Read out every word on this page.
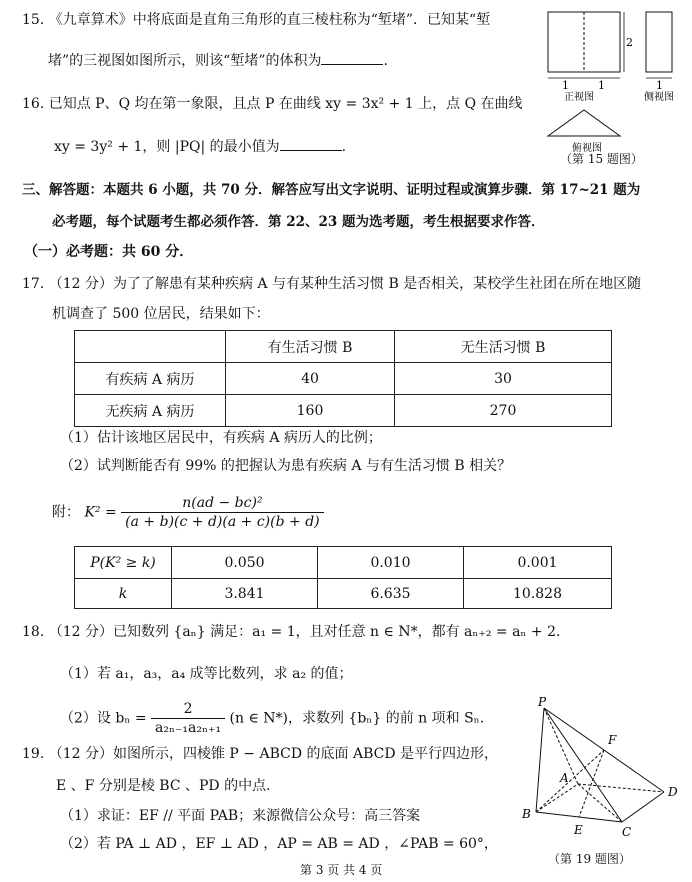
15. 《九章算术》中将底面是直角三角形的直三棱柱称为“堑堵”．已知某“堑
堵”的三视图如图所示，则该“堑堵”的体积为	.
2
1	1
正视图
1
侧视图
俯视图
（第 15 题图）
16. 已知点 P、Q 均在第一象限，且点 P 在曲线 xy = 3x² + 1 上，点 Q 在曲线
xy = 3y² + 1，则 |PQ| 的最小值为	.
三、解答题：本题共 6 小题，共 70 分．解答应写出文字说明、证明过程或演算步骤．第 17~21 题为
必考题，每个试题考生都必须作答．第 22、23 题为选考题，考生根据要求作答．
（一）必考题：共 60 分．
17. （12 分）为了了解患有某种疾病 A 与有某种生活习惯 B 是否相关，某校学生社团在所在地区随
机调查了 500 位居民，结果如下：
	有生活习惯 B	无生活习惯 B
有疾病 A 病历	40	30
无疾病 A 病历	160	270
（1）估计该地区居民中，有疾病 A 病历人的比例；
（2）试判断能否有 99% 的把握认为患有疾病 A 与有生活习惯 B 相关？
附： $K^2 = \frac{\text{n(ad − bc)²}}{(a + b)(c + d)(a + c)(b + d)}$
P(K² ≥ k)	0.050	0.010	0.001
k	3.841	6.635	10.828
18. （12 分）已知数列 {aₙ} 满足：a₁ = 1，且对任意 n ∈ N*，都有 aₙ₊₂ = aₙ + 2．
（1）若 a₁，a₃，a₄ 成等比数列，求 a₂ 的值；
（2）设 $b_n = \frac{2}{\text{a₂ₙ₋₁a₂ₙ₊₁}} (n$ ∈ N*)，求数列 {bₙ} 的前 n 项和 Sₙ．
19. （12 分）如图所示，四棱锥 P − ABCD 的底面 ABCD 是平行四边形，
E 、F 分别是棱 BC 、PD 的中点．
（1）求证：EF // 平面 PAB；来源微信公众号：高三答案
（2）若 PA ⊥ AD ，EF ⊥ AD ，AP = AB = AD ，∠PAB = 60°，
P
F
A
D
B
E	C
（第 19 题图）
第 3 页 共 4 页
